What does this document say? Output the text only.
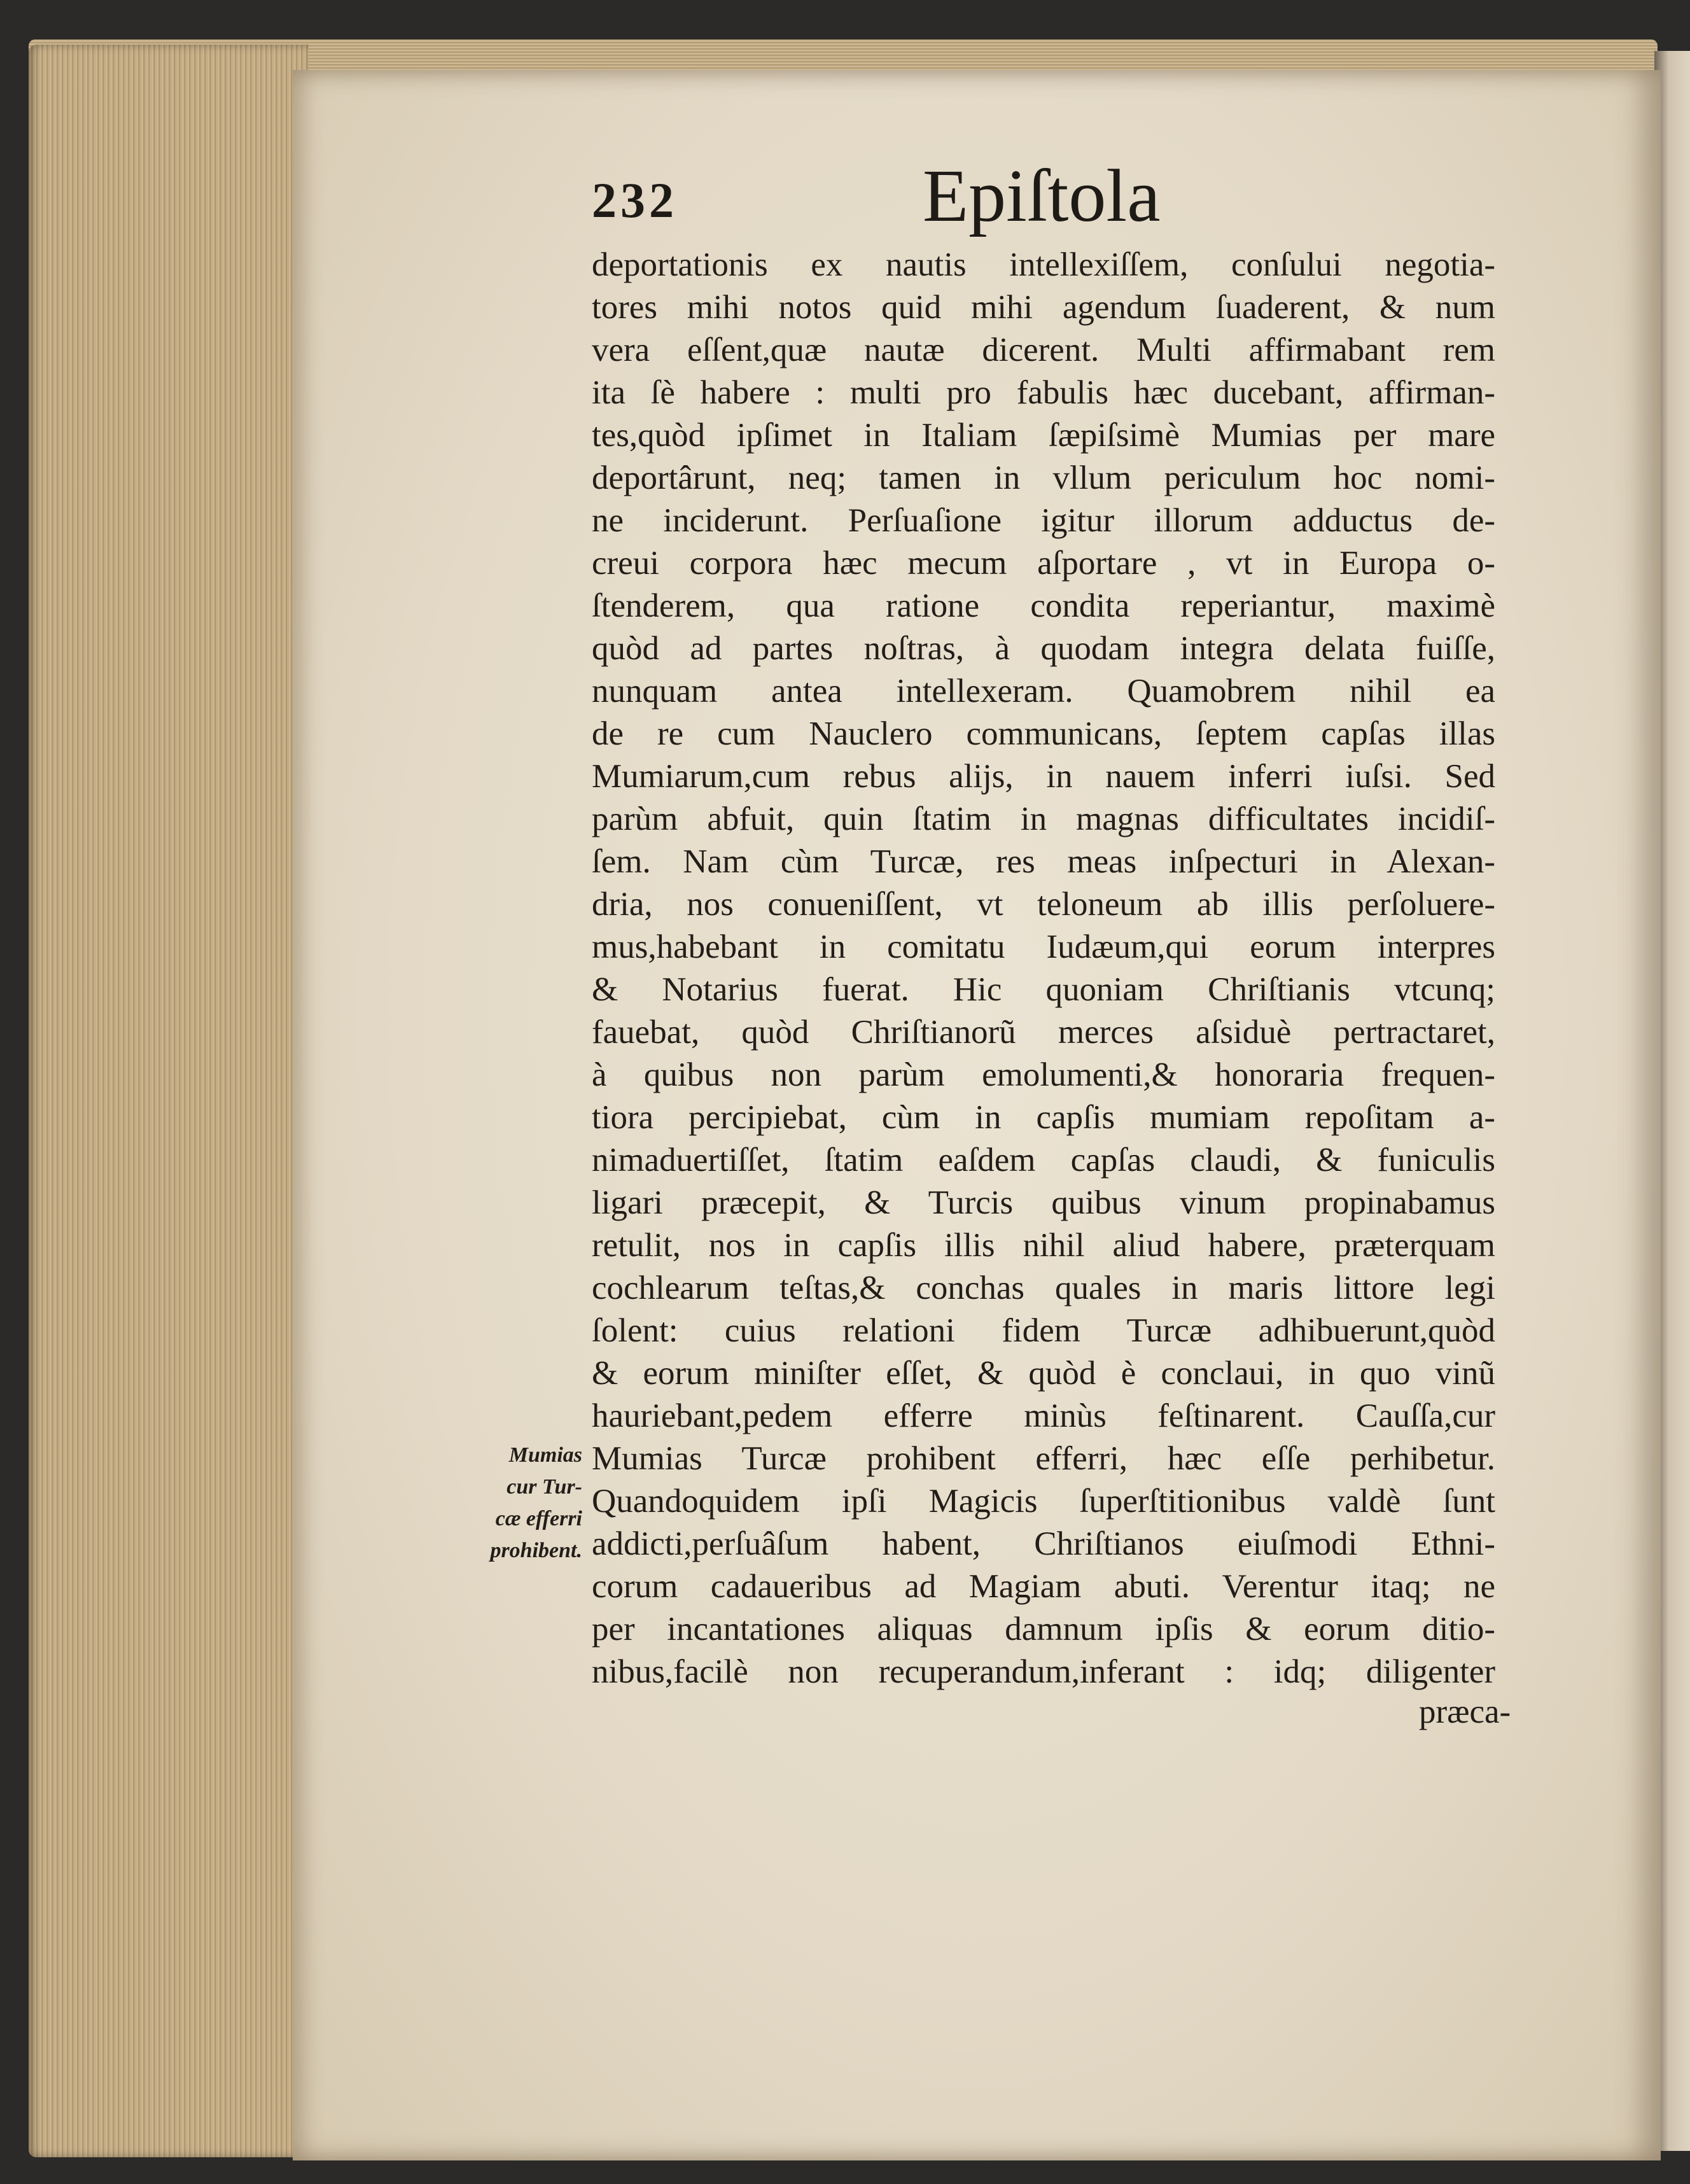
232	Epiſtola
deportationis ex nautis intellexiſſem, conſului negotia-
tores mihi notos quid mihi agendum ſuaderent, & num
vera eſſent,quæ nautæ dicerent. Multi affirmabant rem
ita ſè habere : multi pro fabulis hæc ducebant, affirman-
tes,quòd ipſimet in Italiam ſæpiſsimè Mumias per mare
deportârunt, neq; tamen in vllum periculum hoc nomi-
ne inciderunt. Perſuaſione igitur illorum adductus de-
creui corpora hæc mecum aſportare , vt in Europa o-
ſtenderem, qua ratione condita reperiantur, maximè
quòd ad partes noſtras, à quodam integra delata fuiſſe,
nunquam antea intellexeram. Quamobrem nihil ea
de re cum Nauclero communicans, ſeptem capſas illas
Mumiarum,cum rebus alijs, in nauem inferri iuſsi. Sed
parùm abfuit, quin ſtatim in magnas difficultates incidiſ-
ſem. Nam cùm Turcæ, res meas inſpecturi in Alexan-
dria, nos conueniſſent, vt teloneum ab illis perſoluere-
mus,habebant in comitatu Iudæum,qui eorum interpres
& Notarius fuerat. Hic quoniam Chriſtianis vtcunq;
fauebat, quòd Chriſtianorũ merces aſsiduè pertractaret,
à quibus non parùm emolumenti,& honoraria frequen-
tiora percipiebat, cùm in capſis mumiam repoſitam a-
nimaduertiſſet, ſtatim eaſdem capſas claudi, & funiculis
ligari præcepit, & Turcis quibus vinum propinabamus
retulit, nos in capſis illis nihil aliud habere, præterquam
cochlearum teſtas,& conchas quales in maris littore legi
ſolent: cuius relationi fidem Turcæ adhibuerunt,quòd
& eorum miniſter eſſet, & quòd è conclaui, in quo vinũ
hauriebant,pedem efferre minùs feſtinarent. Cauſſa,cur
Mumias Turcæ prohibent efferri, hæc eſſe perhibetur.
Quandoquidem ipſi Magicis ſuperſtitionibus valdè ſunt
addicti,perſuâſum habent, Chriſtianos eiuſmodi Ethni-
corum cadaueribus ad Magiam abuti. Verentur itaq; ne
per incantationes aliquas damnum ipſis & eorum ditio-
nibus,facilè non recuperandum,inferant : idq; diligenter
Mumias
cur Tur-
cæ efferri
prohibent.
præca-
